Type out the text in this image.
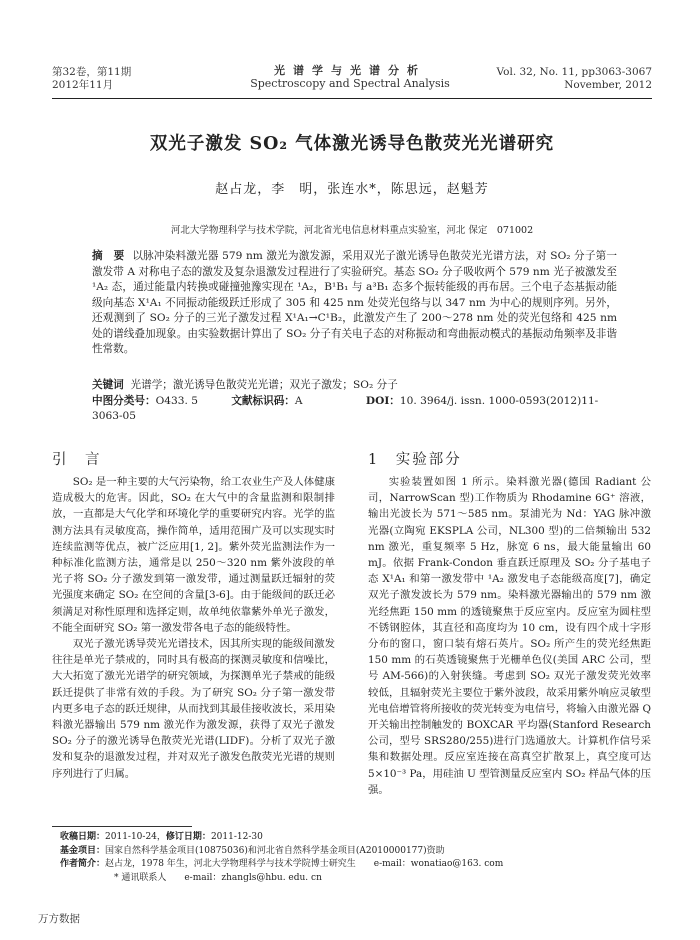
第32卷，第11期
2012年11月
光谱学与光谱分析
Spectroscopy and Spectral Analysis
Vol. 32, No. 11, pp3063-3067
November, 2012
双光子激发 SO₂ 气体激光诱导色散荧光光谱研究
赵占龙，李　明，张连水*，陈思远，赵魁芳
河北大学物理科学与技术学院，河北省光电信息材料重点实验室，河北 保定　071002
摘　要 以脉冲染料激光器 579 nm 激光为激发源，采用双光子激光诱导色散荧光光谱方法，对 SO₂ 分子第一激发带 A 对称电子态的激发及复杂退激发过程进行了实验研究。基态 SO₂ 分子吸收两个 579 nm 光子被激发至 ¹A₂ 态，通过能量内转换或碰撞弛豫实现在 ¹A₂，B¹B₁ 与 a³B₁ 态多个振转能级的再布居。三个电子态基振动能级向基态 X¹A₁ 不同振动能级跃迁形成了 305 和 425 nm 处荧光包络与以 347 nm 为中心的规则序列。另外，还观测到了 SO₂ 分子的三光子激发过程 X¹A₁→C¹B₂，此激发产生了 200～278 nm 处的荧光包络和 425 nm 处的谱线叠加现象。由实验数据计算出了 SO₂ 分子有关电子态的对称振动和弯曲振动模式的基振动角频率及非谐性常数。
关键词 光谱学；激光诱导色散荧光光谱；双光子激发；SO₂ 分子
中图分类号：O433. 5	文献标识码：A	DOI：10. 3964/j. issn. 1000-0593(2012)11-3063-05
引　言	1　实验部分

SO₂ 是一种主要的大气污染物，给工农业生产及人体健康造成极大的危害。因此，SO₂ 在大气中的含量监测和限制排放，一直都是大气化学和环境化学的重要研究内容。光学的监测方法具有灵敏度高，操作简单，适用范围广及可以实现实时连续监测等优点，被广泛应用[1, 2]。紫外荧光监测法作为一种标准化监测方法，通常是以 250～320 nm 紫外波段的单光子将 SO₂ 分子激发到第一激发带，通过测量跃迁辐射的荧光强度来确定 SO₂ 在空间的含量[3-6]。由于能级间的跃迁必须满足对称性原理和选择定则，故单纯依靠紫外单光子激发，不能全面研究 SO₂ 第一激发带各电子态的能级特性。

双光子激光诱导荧光光谱技术，因其所实现的能级间激发往往是单光子禁戒的，同时具有极高的探测灵敏度和信噪比，大大拓宽了激光光谱学的研究领域，为探测单光子禁戒的能级跃迁提供了非常有效的手段。为了研究 SO₂ 分子第一激发带内更多电子态的跃迁规律，从而找到其最佳接收波长，采用染料激光器输出 579 nm 激光作为激发源，获得了双光子激发 SO₂ 分子的激光诱导色散荧光光谱(LIDF)。分析了双光子激发和复杂的退激发过程，并对双光子激发色散荧光光谱的规则序列进行了归属。

实验装置如图 1 所示。染料激光器(德国 Radiant 公司，NarrowScan 型)工作物质为 Rhodamine 6G⁺ 溶液，输出光波长为 571～585 nm。泵浦光为 Nd：YAG 脉冲激光器(立陶宛 EKSPLA 公司，NL300 型)的二倍频输出 532 nm 激光，重复频率 5 Hz，脉宽 6 ns，最大能量输出 60 mJ。依据 Frank-Condon 垂直跃迁原理及 SO₂ 分子基电子态 X¹A₁ 和第一激发带中 ¹A₂ 激发电子态能级高度[7]，确定双光子激发波长为 579 nm。染料激光器输出的 579 nm 激光经焦距 150 mm 的透镜聚焦于反应室内。反应室为圆柱型不锈钢腔体，其直径和高度均为 10 cm，设有四个成十字形分布的窗口，窗口装有熔石英片。SO₂ 所产生的荧光经焦距 150 mm 的石英透镜聚焦于光栅单色仪(美国 ARC 公司，型号 AM-566)的入射狭缝。考虑到 SO₂ 双光子激发荧光效率较低，且辐射荧光主要位于紫外波段，故采用紫外响应灵敏型光电倍增管将所接收的荧光转变为电信号，将输入由激光器 Q 开关输出控制触发的 BOXCAR 平均器(Stanford Research 公司，型号 SRS280/255)进行门选通放大。计算机作信号采集和数据处理。反应室连接在高真空扩散泵上，真空度可达 5×10⁻³ Pa，用硅油 U 型管测量反应室内 SO₂ 样品气体的压强。

收稿日期：2011-10-24，修订日期：2011-12-30
基金项目：国家自然科学基金项目(10875036)和河北省自然科学基金项目(A2010000177)资助
作者简介：赵占龙，1978 年生，河北大学物理科学与技术学院博士研究生　　e-mail：wonatiao@163. com
* 通讯联系人　　e-mail：zhangls@hbu. edu. cn
万方数据
